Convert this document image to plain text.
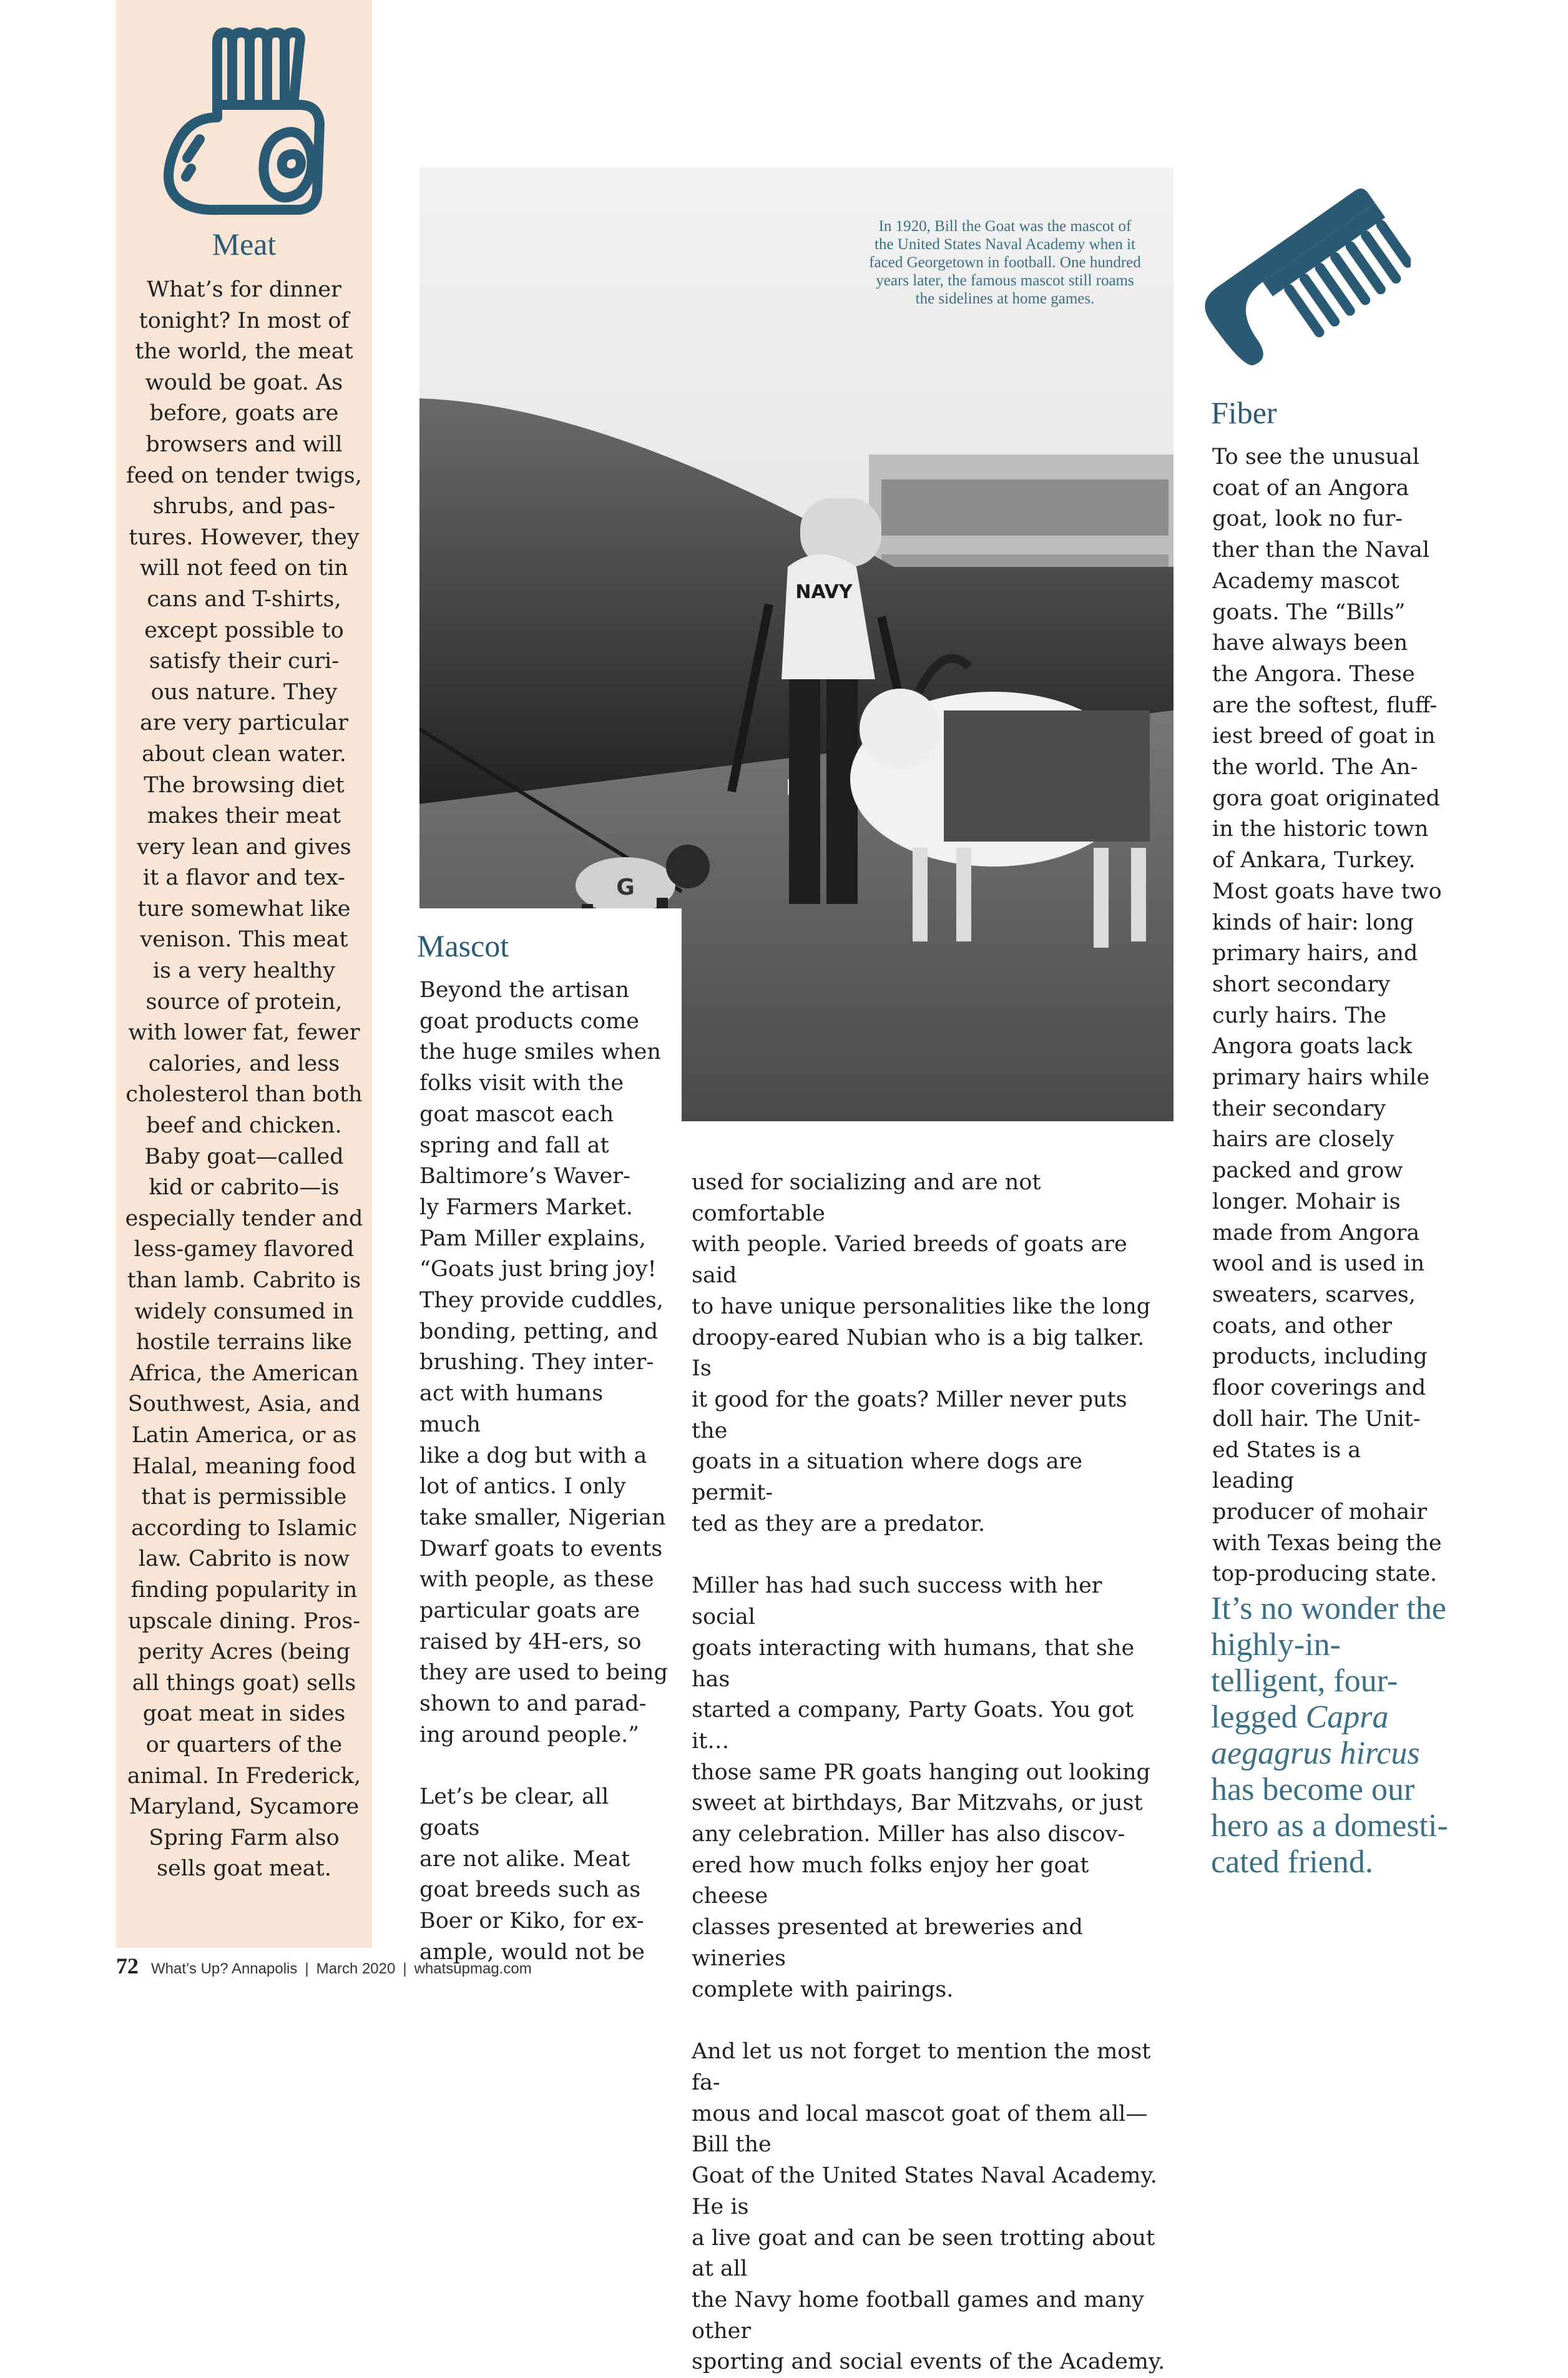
Meat
What’s for dinner
tonight? In most of
the world, the meat
would be goat. As
before, goats are
browsers and will
feed on tender twigs,
shrubs, and pas-
tures. However, they
will not feed on tin
cans and T-shirts,
except possible to
satisfy their curi-
ous nature. They
are very particular
about clean water.
The browsing diet
makes their meat
very lean and gives
it a flavor and tex-
ture somewhat like
venison. This meat
is a very healthy
source of protein,
with lower fat, fewer
calories, and less
cholesterol than both
beef and chicken.
Baby goat—called
kid or cabrito—is
especially tender and
less-gamey flavored
than lamb. Cabrito is
widely consumed in
hostile terrains like
Africa, the American
Southwest, Asia, and
Latin America, or as
Halal, meaning food
that is permissible
according to Islamic
law. Cabrito is now
finding popularity in
upscale dining. Pros-
perity Acres (being
all things goat) sells
goat meat in sides
or quarters of the
animal. In Frederick,
Maryland, Sycamore
Spring Farm also
sells goat meat.
NAVY
G
In 1920, Bill the Goat was the mascot of the United States Naval Academy when it faced Georgetown in football. One hundred years later, the famous mascot still roams the sidelines at home games.
Mascot

Beyond the artisan
goat products come
the huge smiles when
folks visit with the
goat mascot each
spring and fall at
Baltimore’s Waver-
ly Farmers Market.
Pam Miller explains,
“Goats just bring joy!
They provide cuddles,
bonding, petting, and
brushing. They inter-
act with humans much
like a dog but with a
lot of antics. I only
take smaller, Nigerian
Dwarf goats to events
with people, as these
particular goats are
raised by 4H-ers, so
they are used to being
shown to and parad-
ing around people.”

Let’s be clear, all goats
are not alike. Meat
goat breeds such as
Boer or Kiko, for ex-
ample, would not be

used for socializing and are not comfortable
with people. Varied breeds of goats are said
to have unique personalities like the long
droopy-eared Nubian who is a big talker. Is
it good for the goats? Miller never puts the
goats in a situation where dogs are permit-
ted as they are a predator.

Miller has had such success with her social
goats interacting with humans, that she has
started a company, Party Goats. You got it…
those same PR goats hanging out looking
sweet at birthdays, Bar Mitzvahs, or just
any celebration. Miller has also discov-
ered how much folks enjoy her goat cheese
classes presented at breweries and wineries
complete with pairings.

And let us not forget to mention the most fa-
mous and local mascot goat of them all—Bill the
Goat of the United States Naval Academy. He is
a live goat and can be seen trotting about at all
the Navy home football games and many other
sporting and social events of the Academy.

Fiber

To see the unusual
coat of an Angora
goat, look no fur-
ther than the Naval
Academy mascot
goats. The “Bills”
have always been
the Angora. These
are the softest, fluff-
iest breed of goat in
the world. The An-
gora goat originated
in the historic town
of Ankara, Turkey.
Most goats have two
kinds of hair: long
primary hairs, and
short secondary
curly hairs. The
Angora goats lack
primary hairs while
their secondary
hairs are closely
packed and grow
longer. Mohair is
made from Angora
wool and is used in
sweaters, scarves,
coats, and other
products, including
floor coverings and
doll hair. The Unit-
ed States is a leading
producer of mohair
with Texas being the
top-producing state.

It’s no wonder the highly-in-telligent, four-legged Capra aegagrus hircus has become our hero as a domesti-cated friend.
72 What’s Up? Annapolis | March 2020 | whatsupmag.com
